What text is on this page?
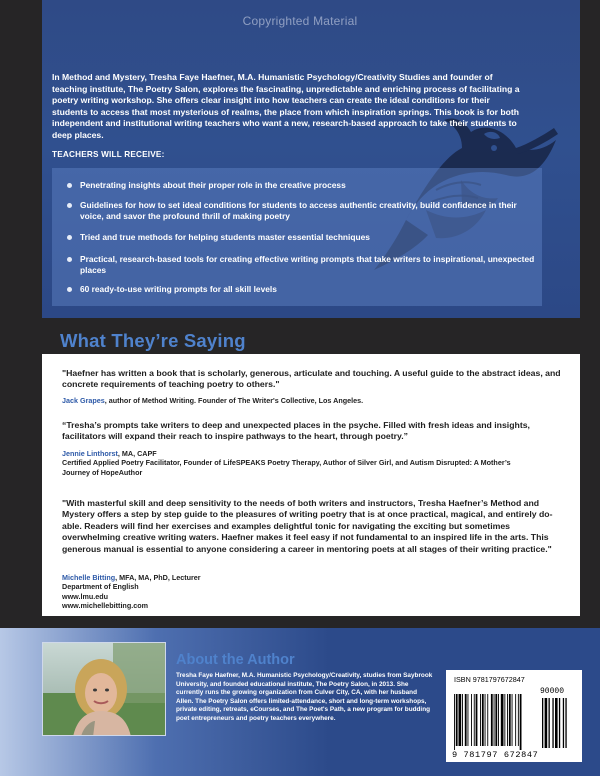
Copyrighted Material

In Method and Mystery, Tresha Faye Haefner, M.A. Humanistic Psychology/Creativity Studies and founder of teaching institute, The Poetry Salon, explores the fascinating, unpredictable and enriching process of facilitating a poetry writing workshop. She offers clear insight into how teachers can create the ideal conditions for their students to access that most mysterious of realms, the place from which inspiration springs. This book is for both independent and institutional writing teachers who want a new, research-based approach to take their students to deep places.

TEACHERS WILL RECEIVE:
Penetrating insights about their proper role in the creative process
Guidelines for how to set ideal conditions for students to access authentic creativity, build confidence in their voice, and savor the profound thrill of making poetry
Tried and true methods for helping students master essential techniques
Practical, research-based tools for creating effective writing prompts that take writers to inspirational, unexpected places
60 ready-to-use writing prompts for all skill levels
What They’re Saying

"Haefner has written a book that is scholarly, generous, articulate and touching. A useful guide to the abstract ideas, and concrete requirements of teaching poetry to others."

Jack Grapes, author of Method Writing. Founder of The Writer's Collective, Los Angeles.

“Tresha’s prompts take writers to deep and unexpected places in the psyche. Filled with fresh ideas and insights, facilitators will expand their reach to inspire pathways to the heart, through poetry.”

Jennie Linthorst, MA, CAPF
Certified Applied Poetry Facilitator, Founder of LifeSPEAKS Poetry Therapy, Author of Silver Girl, and Autism Disrupted: A Mother’s Journey of HopeAuthor

"With masterful skill and deep sensitivity to the needs of both writers and instructors, Tresha Haefner’s Method and Mystery offers a step by step guide to the pleasures of writing poetry that is at once practical, magical, and entirely do-able. Readers will find her exercises and examples delightful tonic for navigating the exciting but sometimes overwhelming creative writing waters. Haefner makes it feel easy if not fundamental to an inspired life in the arts. This generous manual is essential to anyone considering a career in mentoring poets at all stages of their writing practice."

Michelle Bitting, MFA, MA, PhD, Lecturer
Department of English
www.lmu.edu
www.michellebitting.com
About the Author

Tresha Faye Haefner, M.A. Humanistic Psychology/Creativity, studies from Saybrook University, and founded educational institute, The Poetry Salon, in 2013. She currently runs the growing organization from Culver City, CA, with her husband Allen. The Poetry Salon offers limited-attendance, short and long-term workshops, private editing, retreats, eCourses, and The Poet's Path, a new program for budding poet entrepreneurs and poetry teachers everywhere.

ISBN 9781797672847
90000
9 781797 672847
